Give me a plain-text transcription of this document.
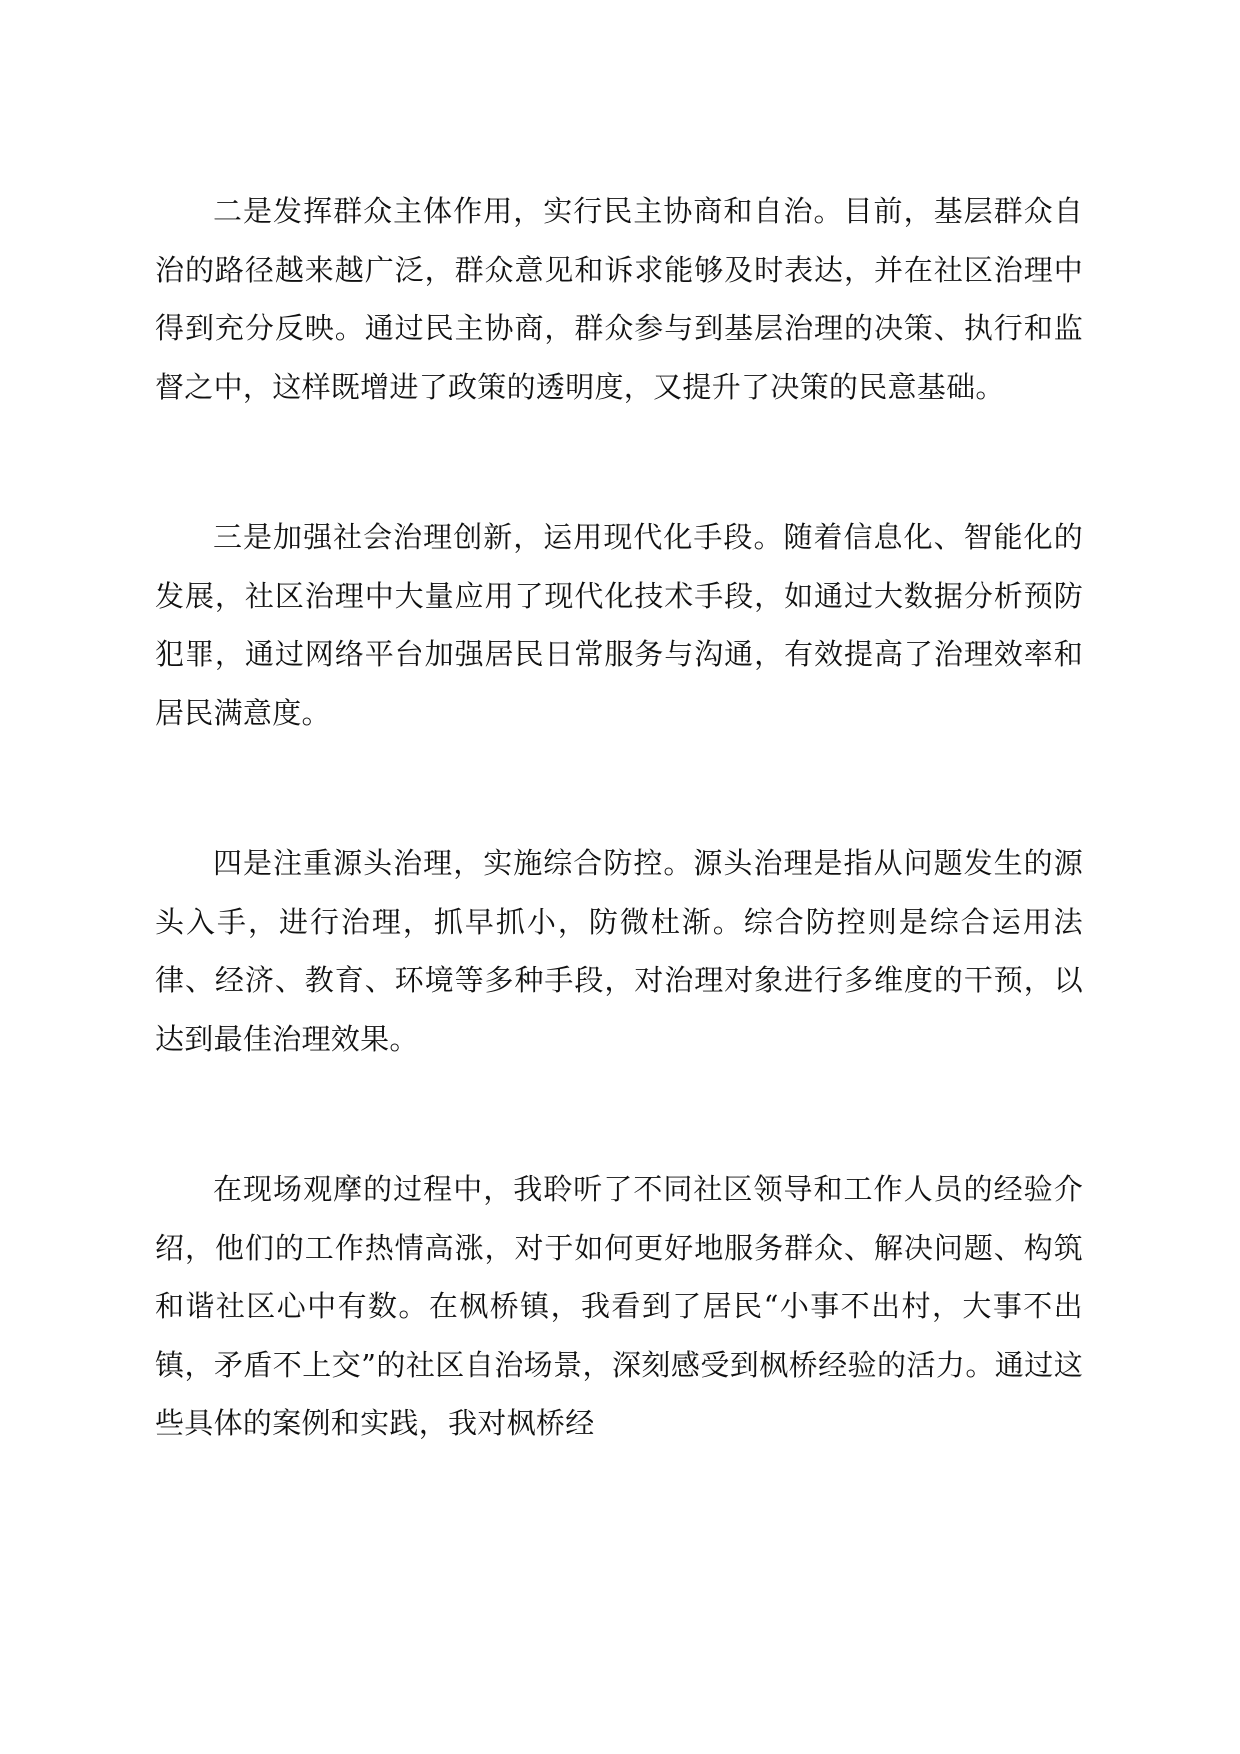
二是发挥群众主体作用，实行民主协商和自治。目前，基层群众自治的路径越来越广泛，群众意见和诉求能够及时表达，并在社区治理中得到充分反映。通过民主协商，群众参与到基层治理的决策、执行和监督之中，这样既增进了政策的透明度，又提升了决策的民意基础。

三是加强社会治理创新，运用现代化手段。随着信息化、智能化的发展，社区治理中大量应用了现代化技术手段，如通过大数据分析预防犯罪，通过网络平台加强居民日常服务与沟通，有效提高了治理效率和居民满意度。

四是注重源头治理，实施综合防控。源头治理是指从问题发生的源头入手，进行治理，抓早抓小，防微杜渐。综合防控则是综合运用法律、经济、教育、环境等多种手段，对治理对象进行多维度的干预，以达到最佳治理效果。

在现场观摩的过程中，我聆听了不同社区领导和工作人员的经验介绍，他们的工作热情高涨，对于如何更好地服务群众、解决问题、构筑和谐社区心中有数。在枫桥镇，我看到了居民“小事不出村，大事不出镇，矛盾不上交”的社区自治场景，深刻感受到枫桥经验的活力。通过这些具体的案例和实践，我对枫桥经
